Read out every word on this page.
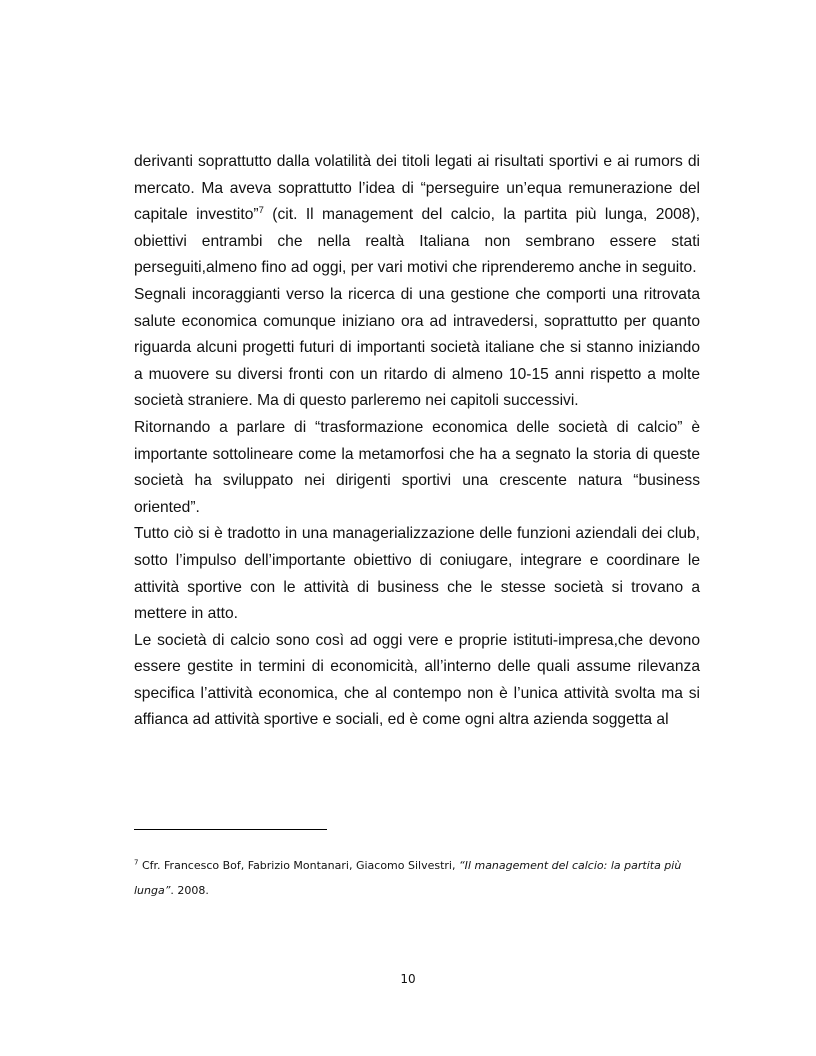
derivanti soprattutto dalla volatilità dei titoli legati ai risultati sportivi e ai rumors di mercato. Ma aveva soprattutto l’idea di “perseguire un’equa remunerazione del capitale investito”$^7$ (cit. Il management del calcio, la partita più lunga, 2008), obiettivi entrambi che nella realtà Italiana non sembrano essere stati perseguiti,almeno fino ad oggi, per vari motivi che riprenderemo anche in seguito.

Segnali incoraggianti verso la ricerca di una gestione che comporti una ritrovata salute economica comunque iniziano ora ad intravedersi, soprattutto per quanto riguarda alcuni progetti futuri di importanti società italiane che si stanno iniziando a muovere su diversi fronti con un ritardo di almeno 10-15 anni rispetto a molte società straniere. Ma di questo parleremo nei capitoli successivi.

Ritornando a parlare di “trasformazione economica delle società di calcio” è importante sottolineare come la metamorfosi che ha a segnato la storia di queste società ha sviluppato nei dirigenti sportivi una crescente natura “business oriented”.

Tutto ciò si è tradotto in una managerializzazione delle funzioni aziendali dei club, sotto l’impulso dell’importante obiettivo di coniugare, integrare e coordinare le attività sportive con le attività di business che le stesse società si trovano a mettere in atto.

Le società di calcio sono così ad oggi vere e proprie istituti-impresa,che devono essere gestite in termini di economicità, all’interno delle quali assume rilevanza specifica l’attività economica, che al contempo non è l’unica attività svolta ma si affianca ad attività sportive e sociali, ed è come ogni altra azienda soggetta al

$^7$ Cfr. Francesco Bof, Fabrizio Montanari, Giacomo Silvestri, “Il management del calcio: la partita più lunga”. 2008.
10
